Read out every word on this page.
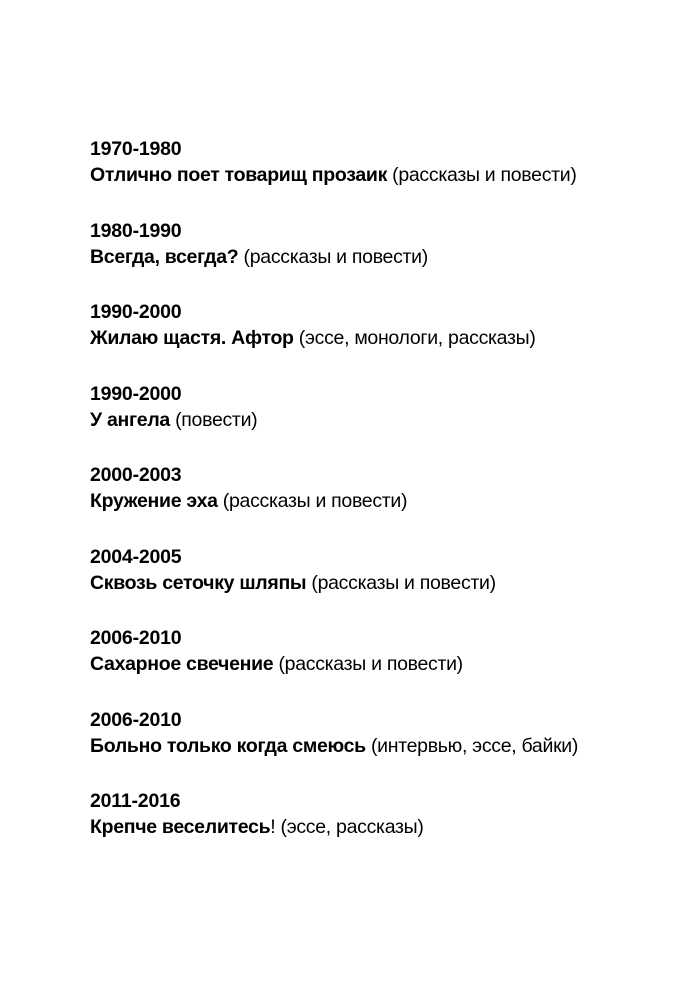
1970-1980
Отлично поет товарищ прозаик (рассказы и повести)
1980-1990
Всегда, всегда? (рассказы и повести)
1990-2000
Жилаю щастя. Афтор (эссе, монологи, рассказы)
1990-2000
У ангела (повести)
2000-2003
Кружение эха (рассказы и повести)
2004-2005
Сквозь сеточку шляпы (рассказы и повести)
2006-2010
Сахарное свечение (рассказы и повести)
2006-2010
Больно только когда смеюсь (интервью, эссе, байки)
2011-2016
Крепче веселитесь! (эссе, рассказы)
